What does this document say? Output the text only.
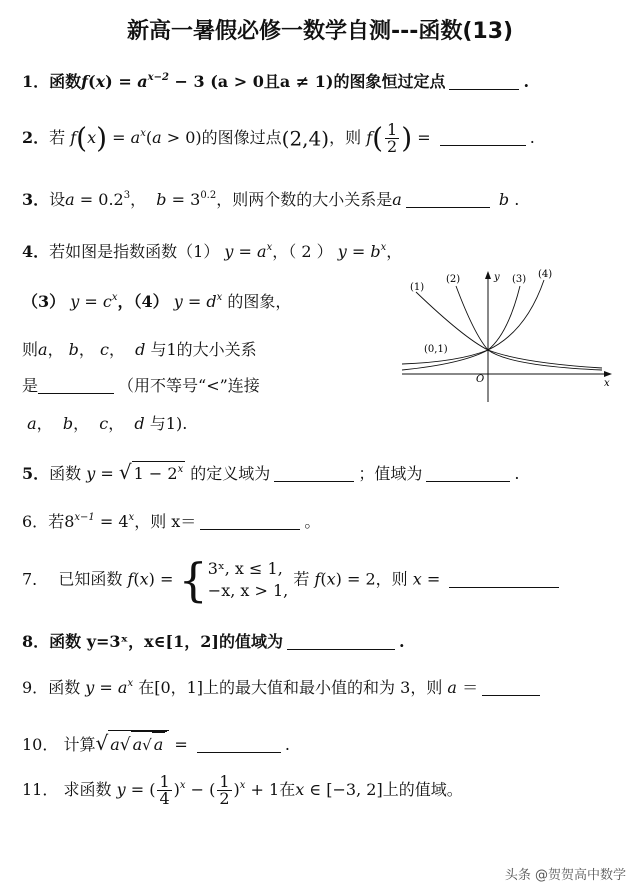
新高一暑假必修一数学自测---函数(13)
1．函数$f(x) = a^{x-2} - 3$ (a > 0且a ≠ 1)的图象恒过定点	.
2．若 $f(x) = a^x(a > 0)$的图像过点(2,4)，则 $f( \frac{1}{2}$ ) =	.
3．设$a = 0.2^3$，  $b = 3^{0.2}$，则两个数的大小关系是a	b .
4．若如图是指数函数（1） $y = a^x$，（ 2 ） $y = b^x$，
（3） $y = c^x$，（4） $y = d^x$ 的图象，
则a， b， c，  d 与1的大小关系
是	（用不等号“<”连接
a，  b，  c，  d 与1).
(1)
(2)	(3) (4)
(0,1)
O	x
y
5．函数 y = √ $1 - 2^x$ 的定义域为	；值域为	.
6．若$8^{x-1} = 4^x$，则 x＝	。
7． 已知函数 f(x) = { 3ˣ, x ≤ 1,
−x, x > 1,
若 f(x) = 2，则 x =
8．函数 y=3ˣ，x∈[1，2]的值域为	.
9．函数 $y = a^x$ 在[0，1]上的最大值和最小值的和为 3，则 a ＝
10． 计算√ a√ a√ a =	.
11． 求函数 y = ( $\frac{1}{4} )^x$ − ( $\frac{1}{2} )^x + 1$在x ∈ [−3, 2]上的值域。
头条 @贺贺高中数学
